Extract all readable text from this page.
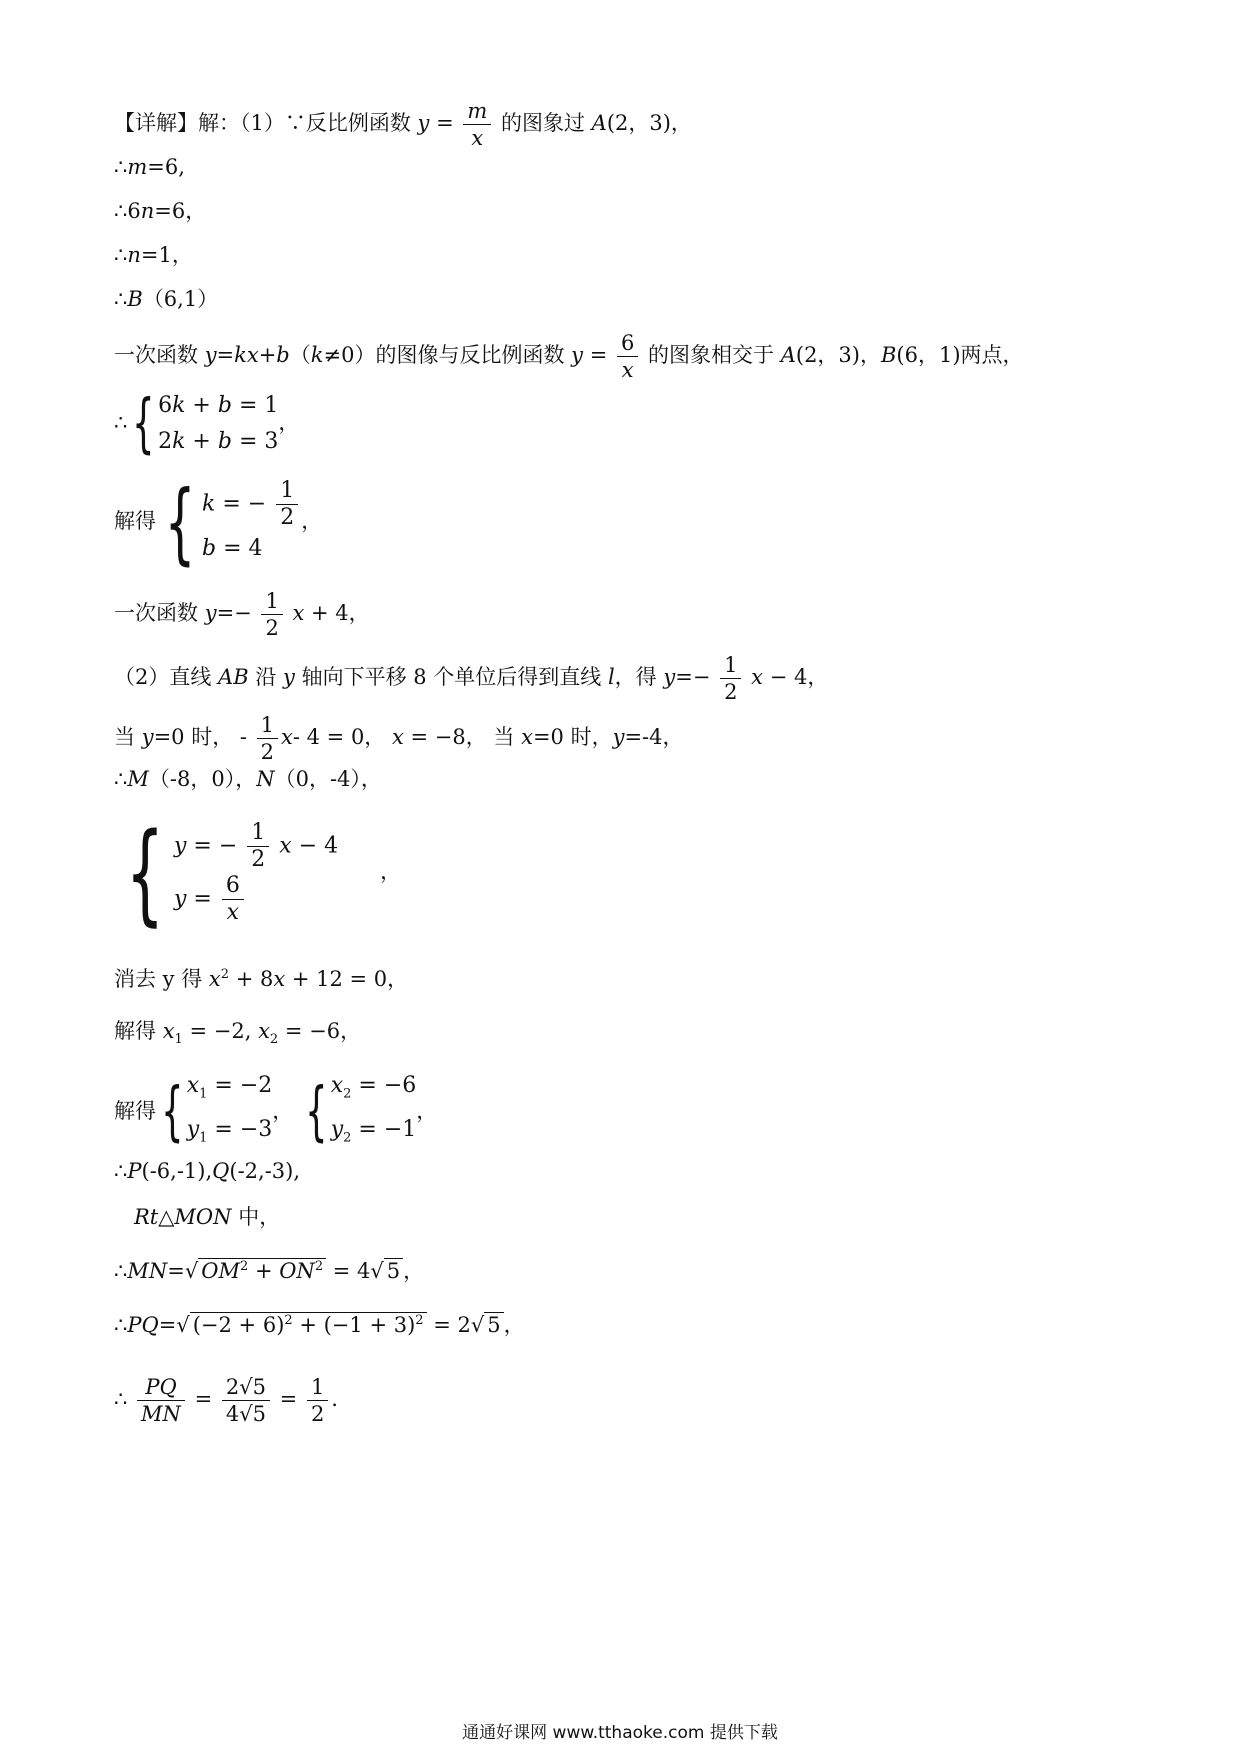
【详解】解：（1）∵反比例函数 $y = \frac{m}{x}$ 的图象过 A(2，3)，
∴m=6,
∴6n=6，
∴n=1，
∴B（6,1）
一次函数 y=kx+b（k≠0）的图像与反比例函数 $y = \frac{6}{x}$ 的图象相交于 A(2，3)，B(6，1)两点，
∴ { 6k + b = 1
2k + b = 3
，
解得 { k = − $\frac{1}{2}$
b = 4
，
一次函数 $y=- \frac{1}{2}$ x + 4，
（2）直线 AB 沿 y 轴向下平移 8 个单位后得到直线 l，得 $y=- \frac{1}{2}$ x − 4，
当 y=0 时， - $\frac{1}{2} x-$ 4 = 0， x = −8， 当 x=0 时，y=-4，
∴M（-8，0），N（0，-4），
{ y = − $\frac{1}{2}$ x − 4
$y = \frac{6}{x}$
　　，
消去 y 得 $x^2 + 8x + 12 = 0$，
解得 $x_1 = -2$, $x_2 = -6$，
解得 { $x_1 = -2$
$y_1 = -3$
， { $x_2 = -6$
$y_2 = -1$
，
∴P(-6,-1),Q(-2,-3),
Rt△MON 中，
∴MN=√ $OM^2 + ON^2 = 4√$ 5 ，
∴PQ=√ $(-2 + 6)^2 + (-1 + 3)^2 = 2√$ 5 ，
∴ $\frac{PQ}{MN} = \frac{2√5}{4√5} = \frac{1}{2}$ ．
通通好课网 www.tthaoke.com 提供下载
